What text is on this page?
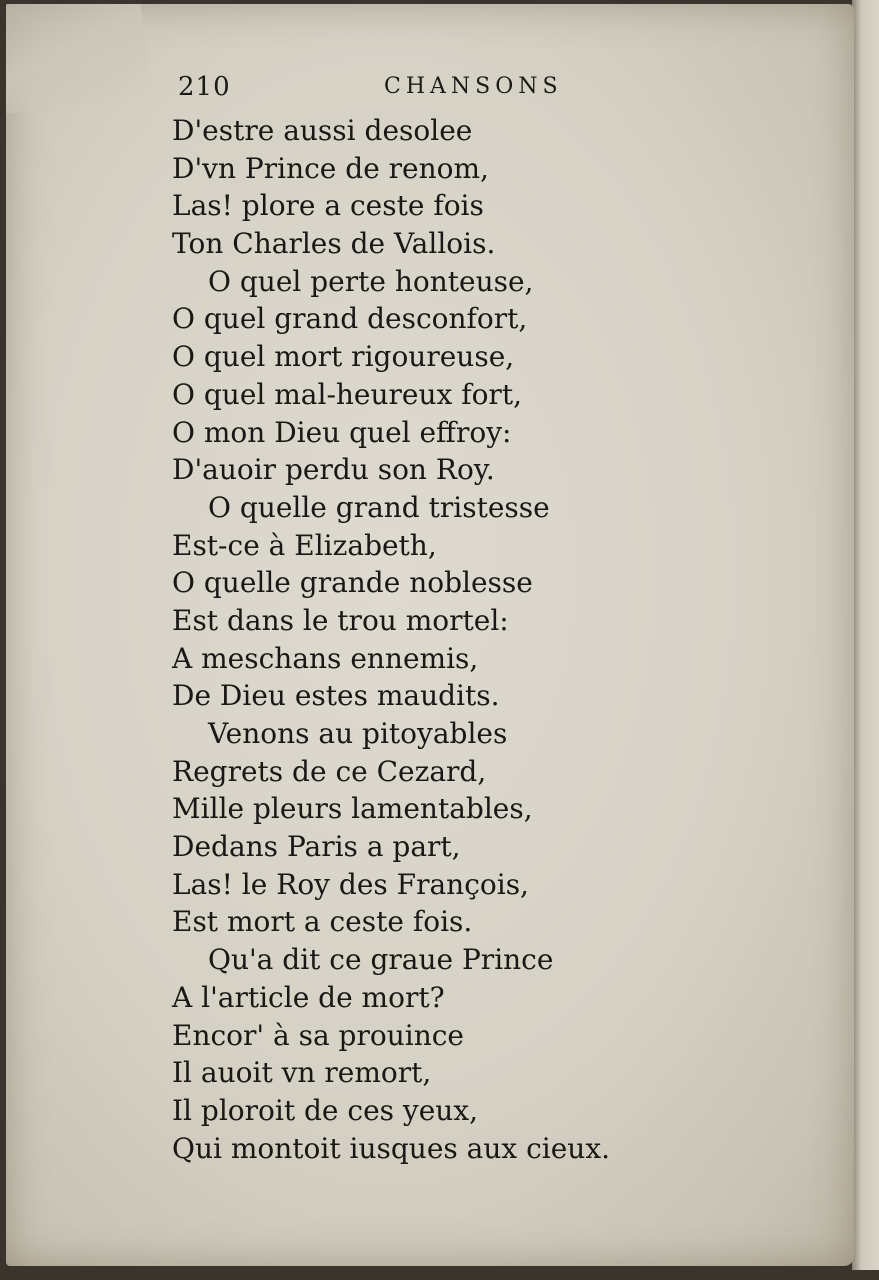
210	CHANSONS
D'estre aussi desolee
D'vn Prince de renom,
Las! plore a ceste fois
Ton Charles de Vallois.
O quel perte honteuse,
O quel grand desconfort,
O quel mort rigoureuse,
O quel mal-heureux fort,
O mon Dieu quel effroy:
D'auoir perdu son Roy.
O quelle grand tristesse
Est-ce à Elizabeth,
O quelle grande noblesse
Est dans le trou mortel:
A meschans ennemis,
De Dieu estes maudits.
Venons au pitoyables
Regrets de ce Cezard,
Mille pleurs lamentables,
Dedans Paris a part,
Las! le Roy des François,
Est mort a ceste fois.
Qu'a dit ce graue Prince
A l'article de mort?
Encor' à sa prouince
Il auoit vn remort,
Il ploroit de ces yeux,
Qui montoit iusques aux cieux.
